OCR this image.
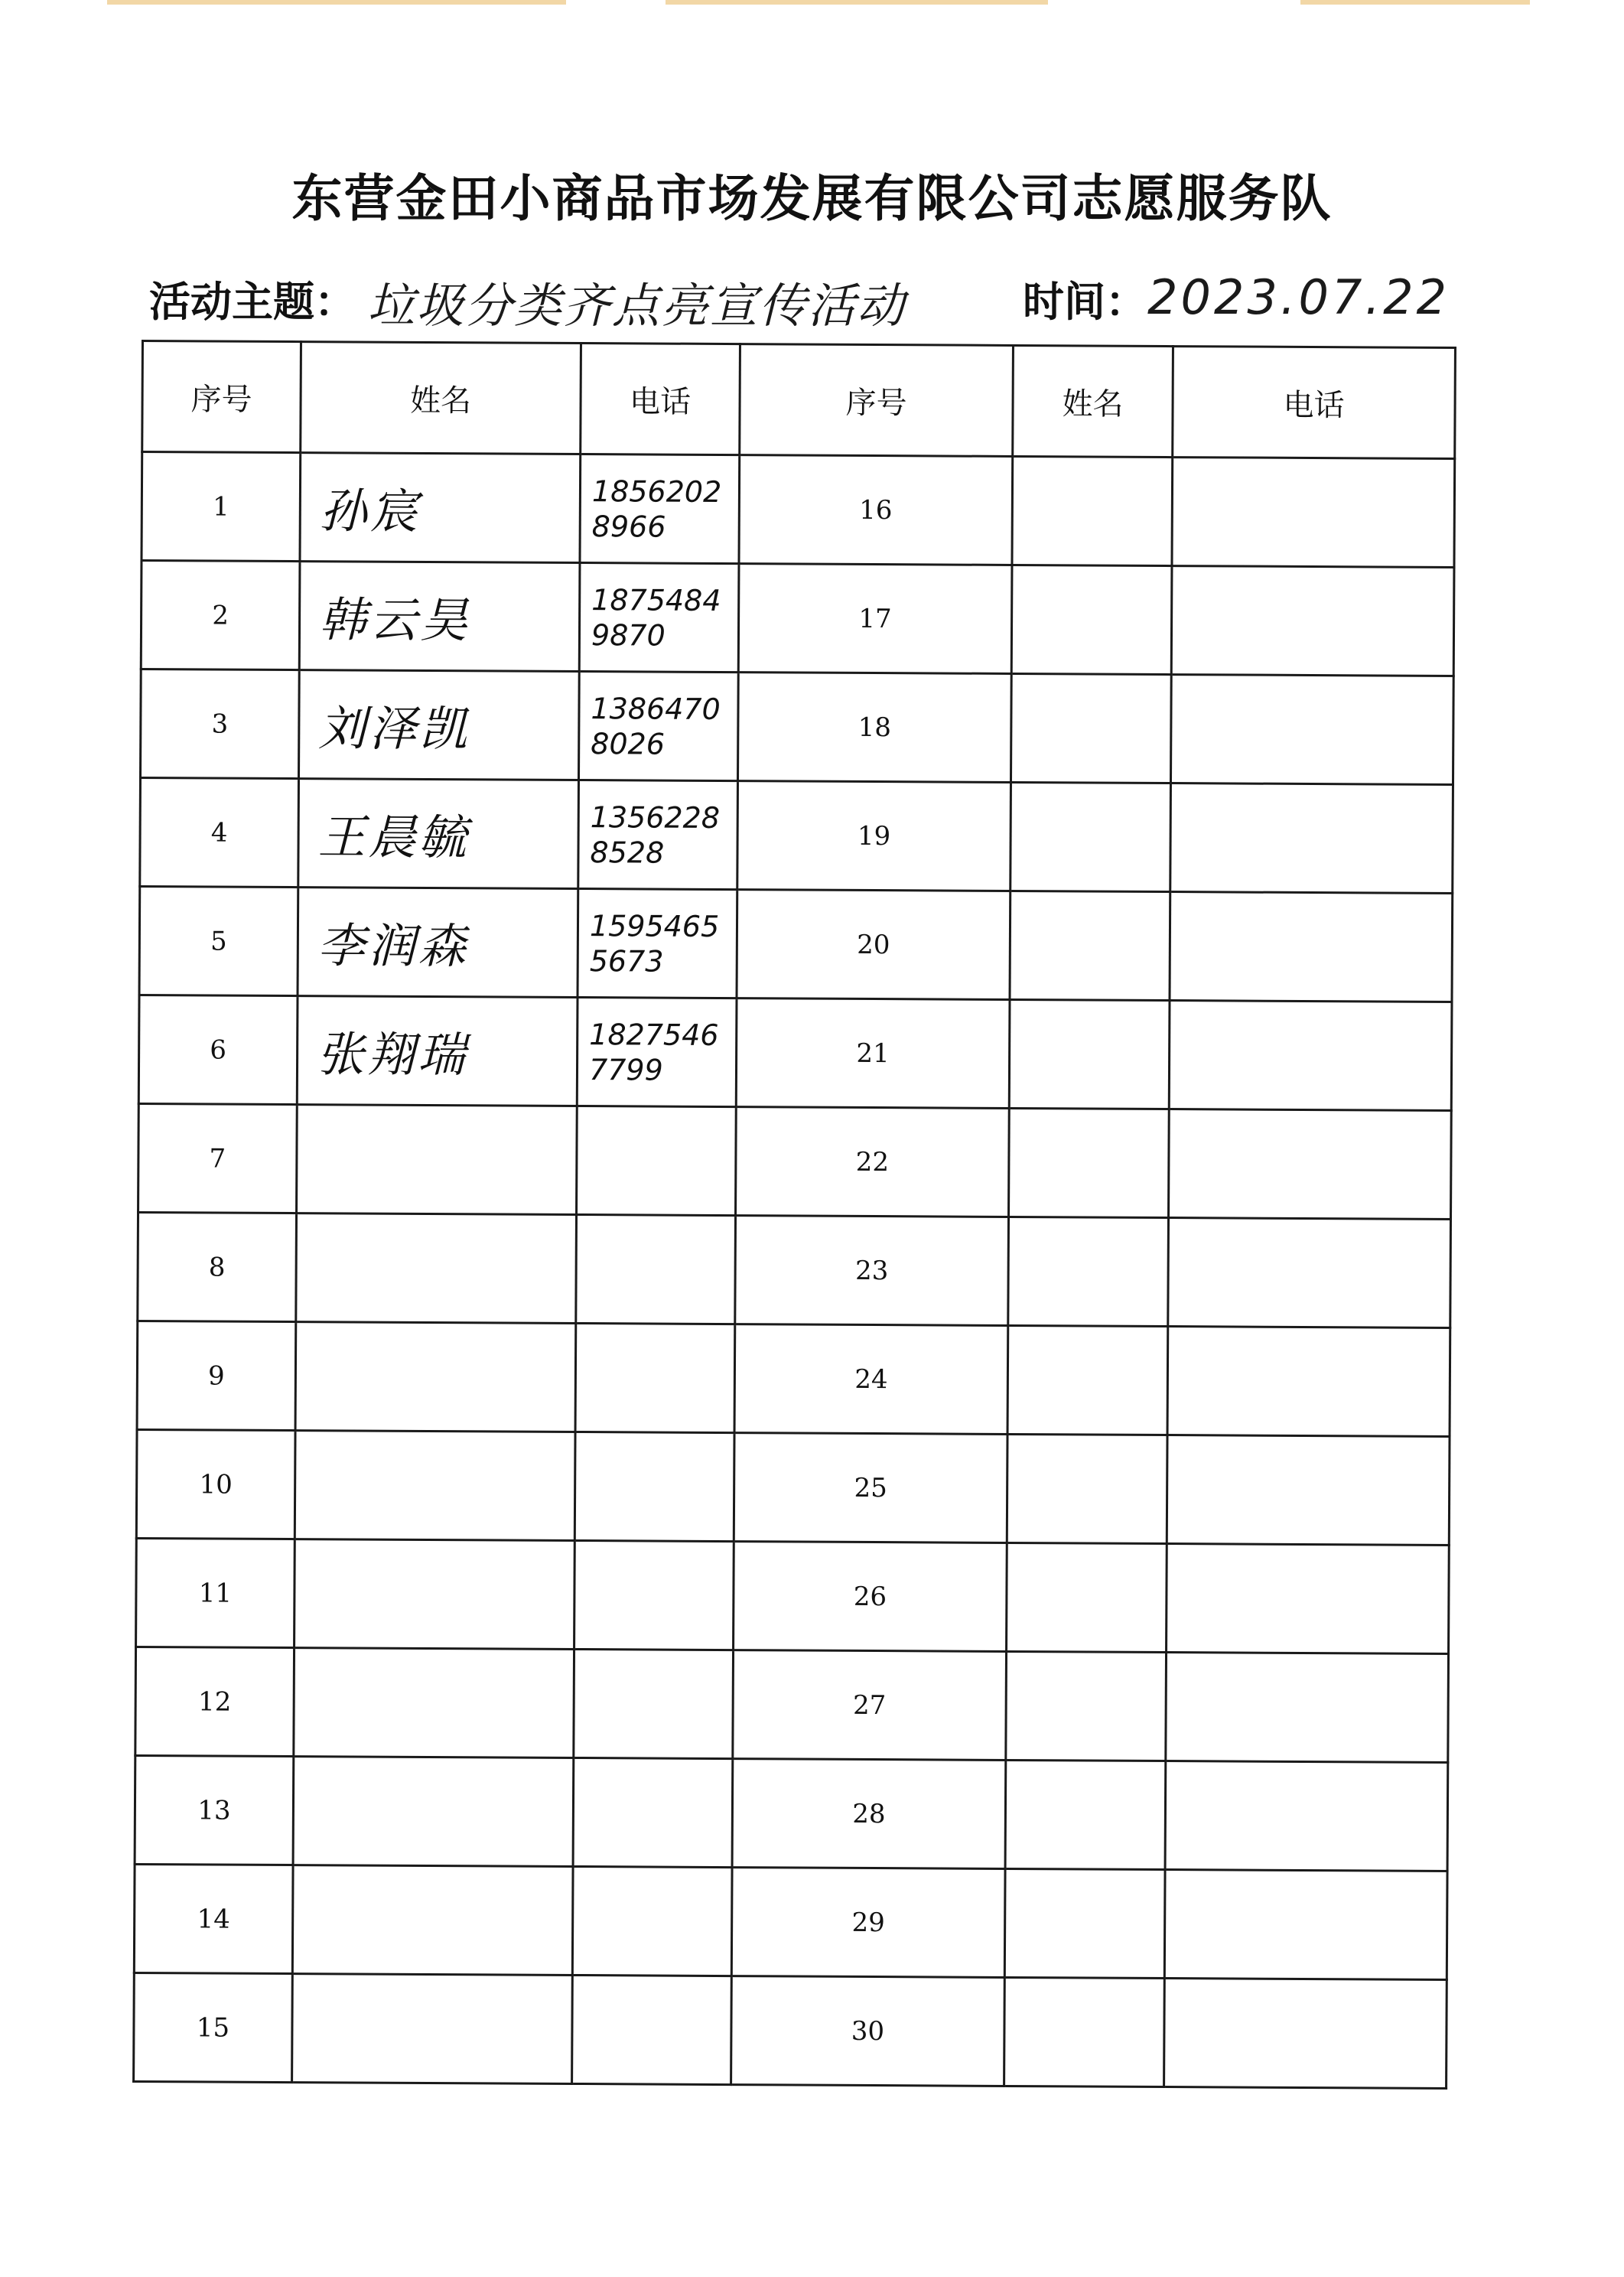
东营金田小商品市场发展有限公司志愿服务队
活动主题： 垃圾分类齐点亮宣传活动	时间： 2023.07.22
序号	姓名	电话	序号	姓名	电话
1	孙宸	18562028966	16		
2	韩云昊	18754849870	17		
3	刘泽凯	13864708026	18		
4	王晨毓	13562288528	19		
5	李润森	15954655673	20		
6	张翔瑞	18275467799	21		
7			22		
8			23		
9			24		
10			25		
11			26		
12			27		
13			28		
14			29		
15			30		
